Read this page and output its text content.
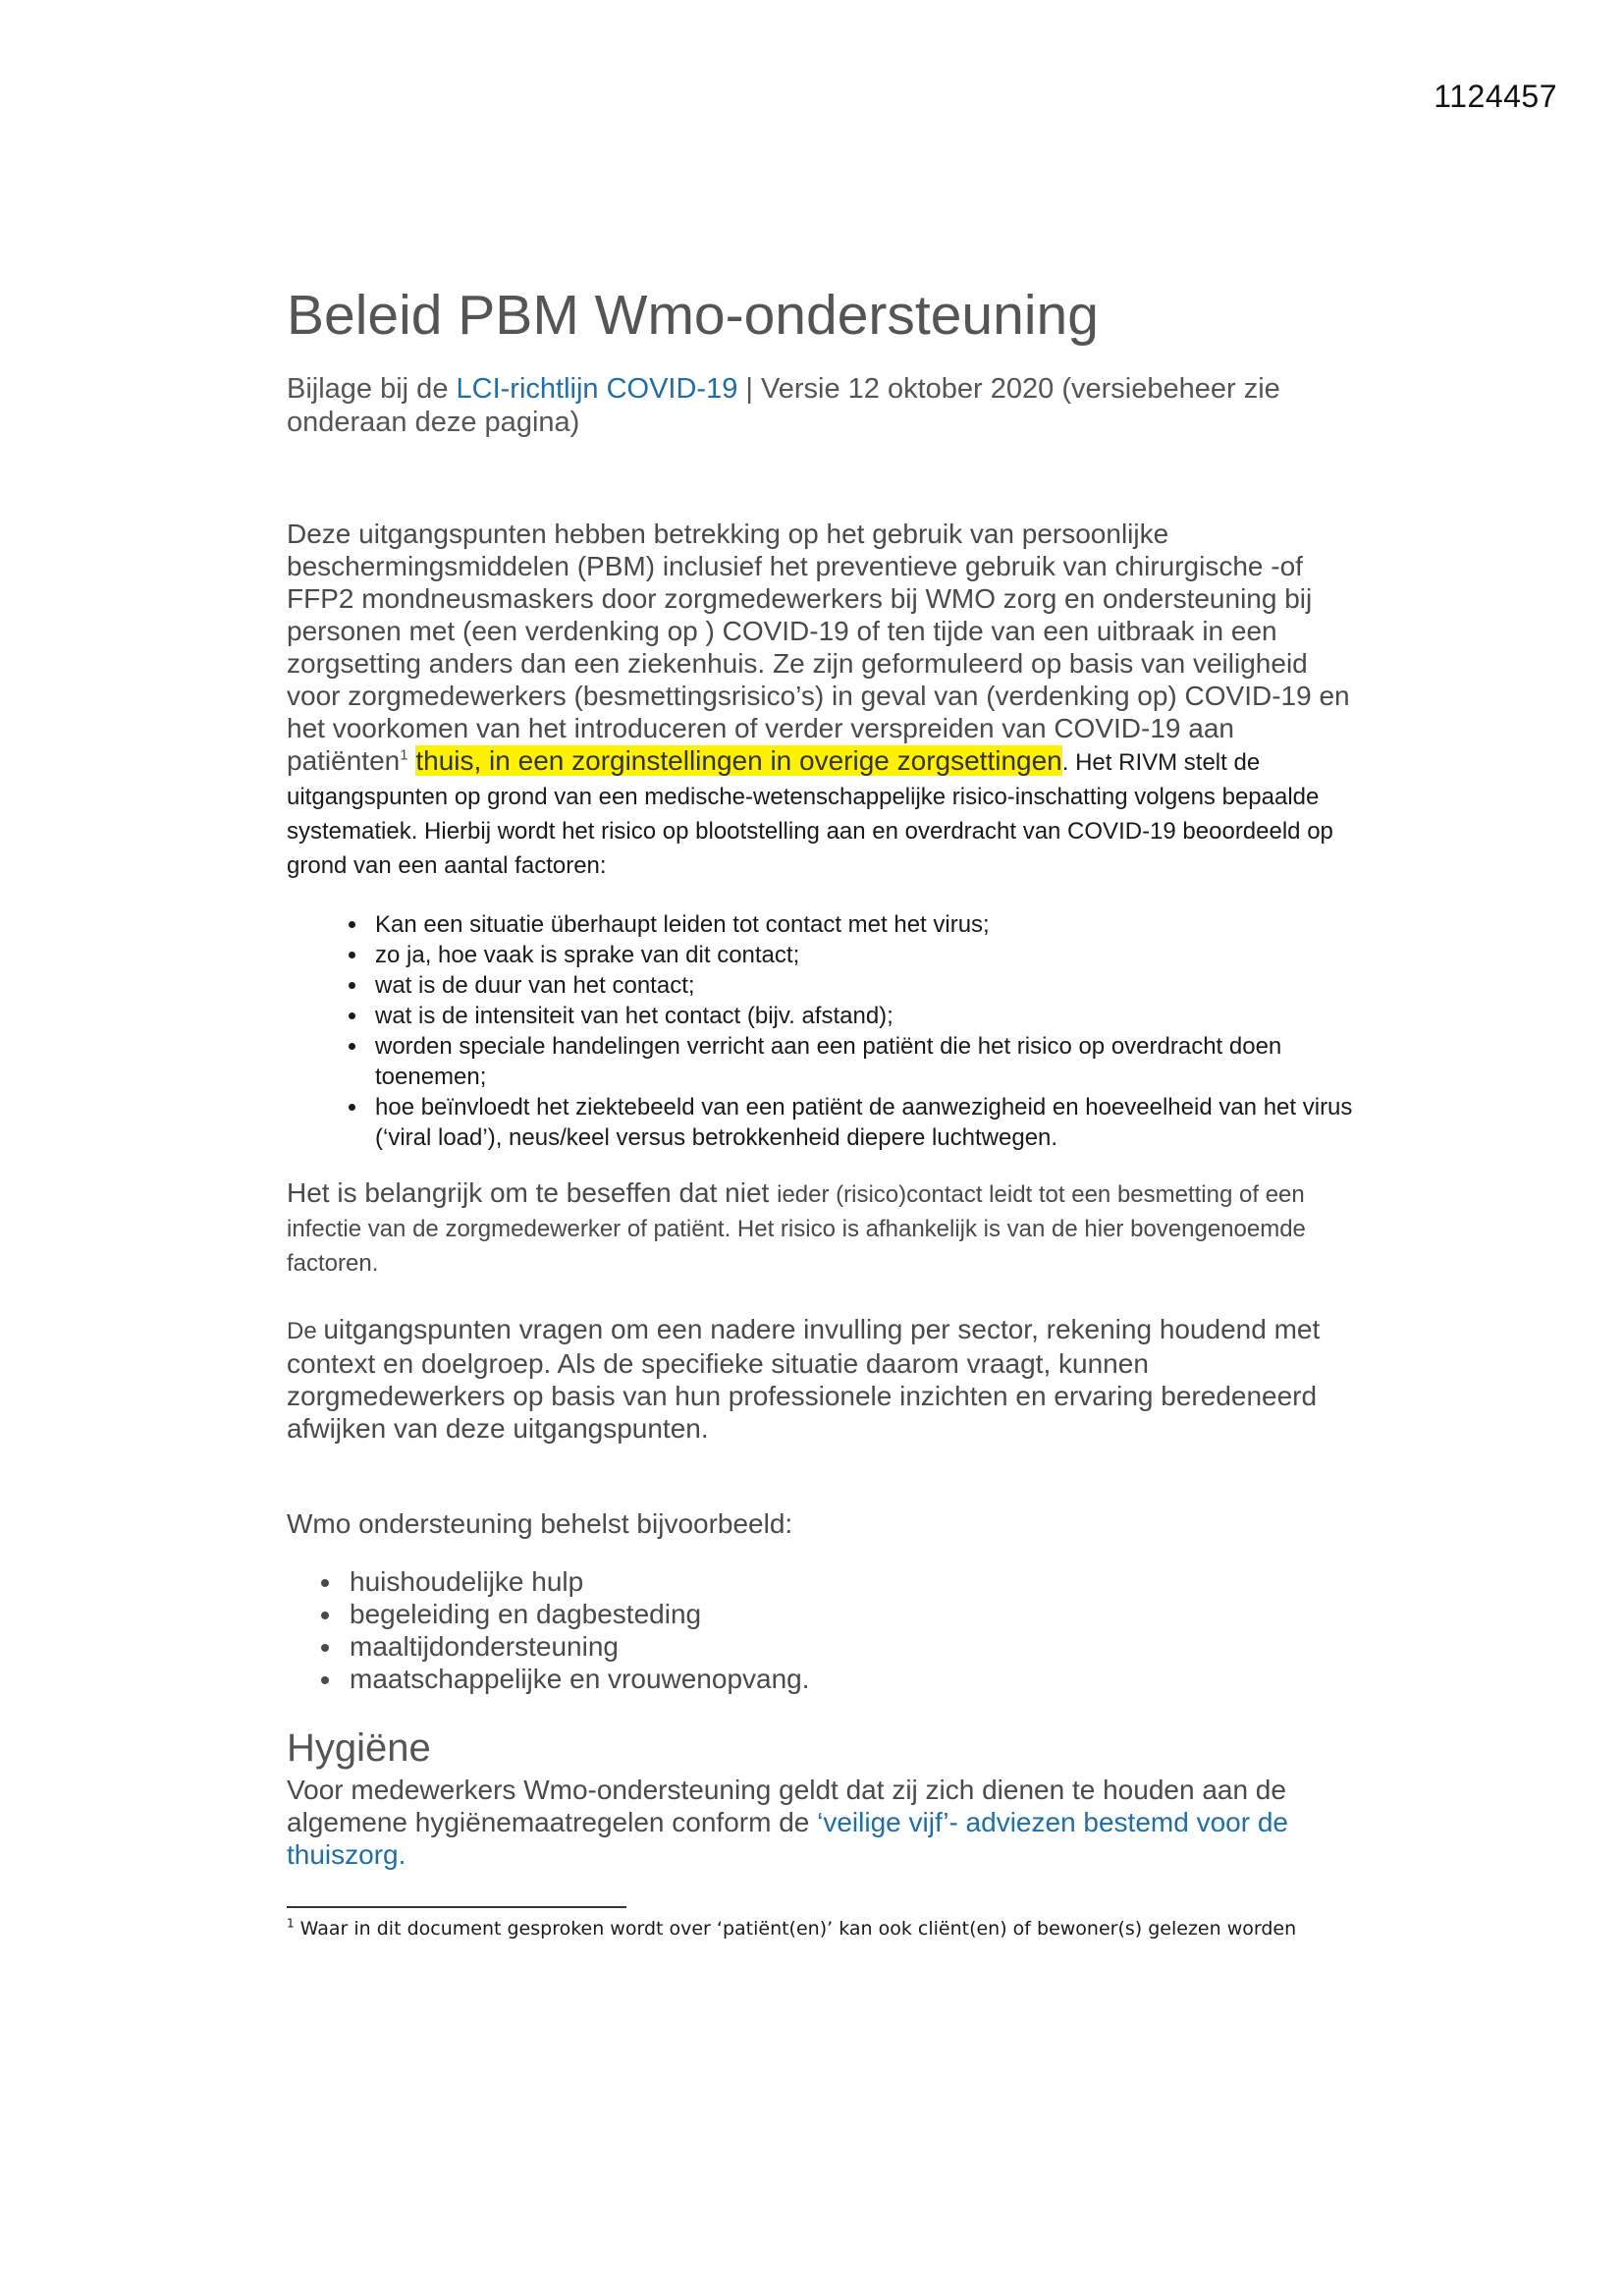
1124457
Beleid PBM Wmo-ondersteuning

Bijlage bij de LCI-richtlijn COVID-19 | Versie 12 oktober 2020 (versiebeheer zie onderaan deze pagina)

Deze uitgangspunten hebben betrekking op het gebruik van persoonlijke beschermingsmiddelen (PBM) inclusief het preventieve gebruik van chirurgische -of FFP2 mondneusmaskers door zorgmedewerkers bij WMO zorg en ondersteuning bij personen met (een verdenking op ) COVID-19 of ten tijde van een uitbraak in een zorgsetting anders dan een ziekenhuis. Ze zijn geformuleerd op basis van veiligheid voor zorgmedewerkers (besmettingsrisico’s) in geval van (verdenking op) COVID-19 en het voorkomen van het introduceren of verder verspreiden van COVID-19 aan patiënten$^1$ thuis, in een zorginstellingen in overige zorgsettingen. Het RIVM stelt de uitgangspunten op grond van een medische-wetenschappelijke risico-inschatting volgens bepaalde systematiek. Hierbij wordt het risico op blootstelling aan en overdracht van COVID-19 beoordeeld op grond van een aantal factoren:

• Kan een situatie überhaupt leiden tot contact met het virus;
• zo ja, hoe vaak is sprake van dit contact;
• wat is de duur van het contact;
• wat is de intensiteit van het contact (bijv. afstand);
• worden speciale handelingen verricht aan een patiënt die het risico op overdracht doen toenemen;
• hoe beïnvloedt het ziektebeeld van een patiënt de aanwezigheid en hoeveelheid van het virus (‘viral load’), neus/keel versus betrokkenheid diepere luchtwegen.

Het is belangrijk om te beseffen dat niet ieder (risico)contact leidt tot een besmetting of een infectie van de zorgmedewerker of patiënt. Het risico is afhankelijk is van de hier bovengenoemde factoren.

De uitgangspunten vragen om een nadere invulling per sector, rekening houdend met context en doelgroep. Als de specifieke situatie daarom vraagt, kunnen zorgmedewerkers op basis van hun professionele inzichten en ervaring beredeneerd afwijken van deze uitgangspunten.

Wmo ondersteuning behelst bijvoorbeeld:

• huishoudelijke hulp
• begeleiding en dagbesteding
• maaltijdondersteuning
• maatschappelijke en vrouwenopvang.
Hygiëne

Voor medewerkers Wmo-ondersteuning geldt dat zij zich dienen te houden aan de algemene hygiënemaatregelen conform de ‘veilige vijf’- adviezen bestemd voor de thuiszorg.

$^1$ Waar in dit document gesproken wordt over ‘patiënt(en)’ kan ook cliënt(en) of bewoner(s) gelezen worden
